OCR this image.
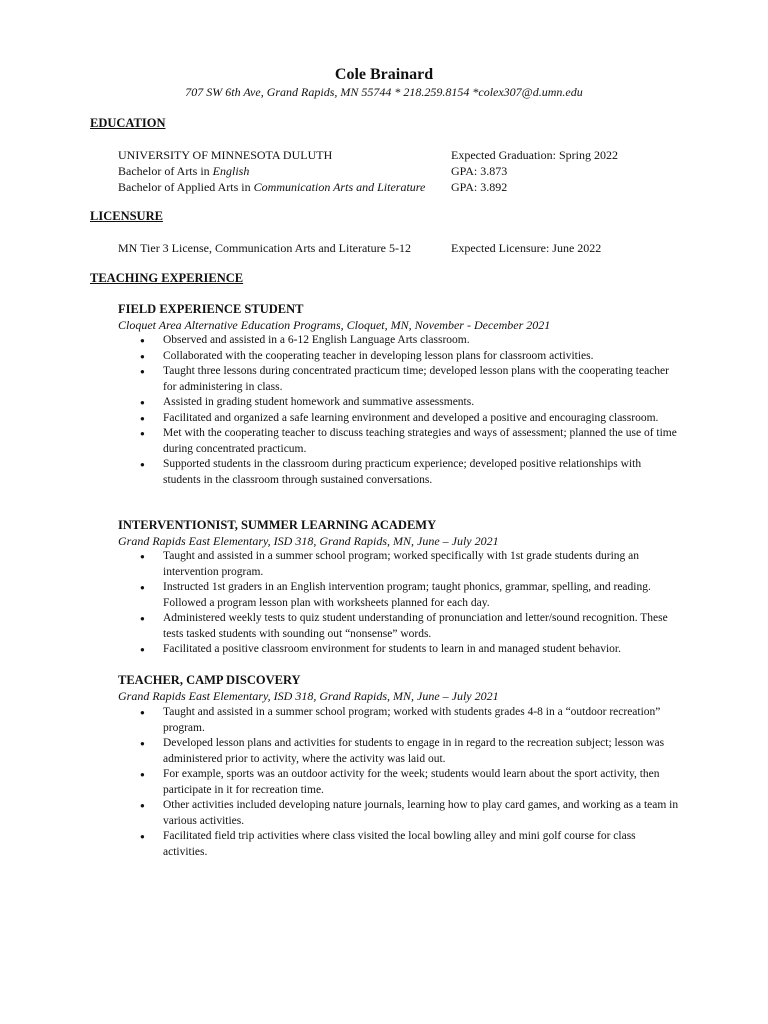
Cole Brainard
707 SW 6th Ave, Grand Rapids, MN 55744 * 218.259.8154 *colex307@d.umn.edu
EDUCATION
UNIVERSITY OF MINNESOTA DULUTH	Expected Graduation: Spring 2022
Bachelor of Arts in English	GPA: 3.873
Bachelor of Applied Arts in Communication Arts and Literature GPA: 3.892
LICENSURE
MN Tier 3 License, Communication Arts and Literature 5-12	Expected Licensure: June 2022
TEACHING EXPERIENCE
FIELD EXPERIENCE STUDENT
Cloquet Area Alternative Education Programs, Cloquet, MN, November - December 2021
● Observed and assisted in a 6-12 English Language Arts classroom.
● Collaborated with the cooperating teacher in developing lesson plans for classroom activities.
● Taught three lessons during concentrated practicum time; developed lesson plans with the cooperating teacher for administering in class.
● Assisted in grading student homework and summative assessments.
● Facilitated and organized a safe learning environment and developed a positive and encouraging classroom.
● Met with the cooperating teacher to discuss teaching strategies and ways of assessment; planned the use of time during concentrated practicum.
● Supported students in the classroom during practicum experience; developed positive relationships with students in the classroom through sustained conversations.
INTERVENTIONIST, SUMMER LEARNING ACADEMY
Grand Rapids East Elementary, ISD 318, Grand Rapids, MN, June – July 2021
● Taught and assisted in a summer school program; worked specifically with 1st grade students during an intervention program.
● Instructed 1st graders in an English intervention program; taught phonics, grammar, spelling, and reading. Followed a program lesson plan with worksheets planned for each day.
● Administered weekly tests to quiz student understanding of pronunciation and letter/sound recognition. These tests tasked students with sounding out “nonsense” words.
● Facilitated a positive classroom environment for students to learn in and managed student behavior.
TEACHER, CAMP DISCOVERY
Grand Rapids East Elementary, ISD 318, Grand Rapids, MN, June – July 2021
● Taught and assisted in a summer school program; worked with students grades 4-8 in a “outdoor recreation” program.
● Developed lesson plans and activities for students to engage in in regard to the recreation subject; lesson was administered prior to activity, where the activity was laid out.
● For example, sports was an outdoor activity for the week; students would learn about the sport activity, then participate in it for recreation time.
● Other activities included developing nature journals, learning how to play card games, and working as a team in various activities.
● Facilitated field trip activities where class visited the local bowling alley and mini golf course for class activities.
